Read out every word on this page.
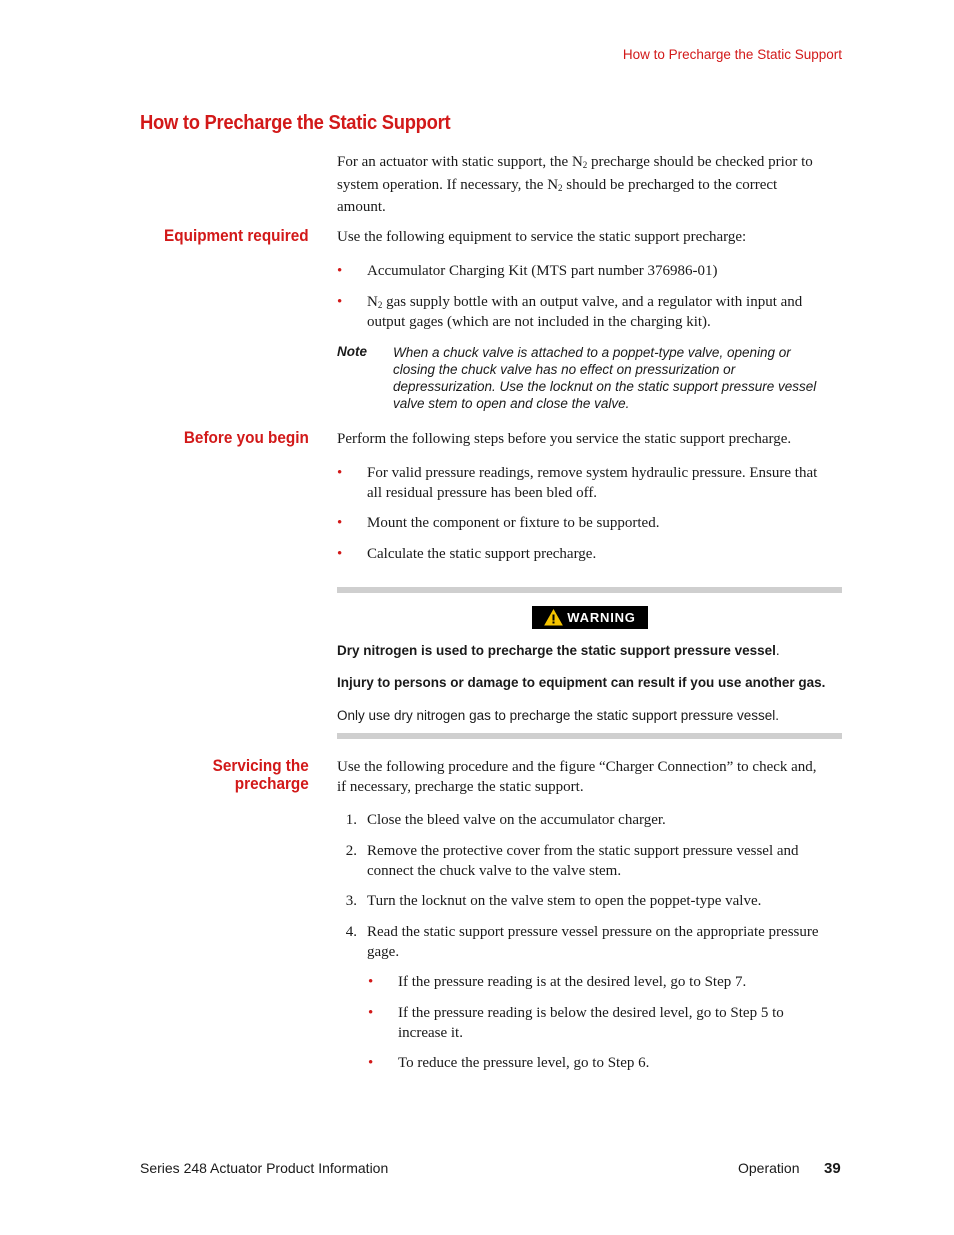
How to Precharge the Static Support
How to Precharge the Static Support
For an actuator with static support, the $N_2$ precharge should be checked prior to
system operation. If necessary, the $N_2$ should be precharged to the correct
amount.
Equipment required Use the following equipment to service the static support precharge:
• Accumulator Charging Kit (MTS part number 376986-01)
• $N_2$ gas supply bottle with an output valve, and a regulator with input and
output gages (which are not included in the charging kit).
Note When a chuck valve is attached to a poppet-type valve, opening or
closing the chuck valve has no effect on pressurization or
depressurization. Use the locknut on the static support pressure vessel
valve stem to open and close the valve.
Before you begin Perform the following steps before you service the static support precharge.
• For valid pressure readings, remove system hydraulic pressure. Ensure that
all residual pressure has been bled off.
• Mount the component or fixture to be supported.
• Calculate the static support precharge.
WARNING
Dry nitrogen is used to precharge the static support pressure vessel.
Injury to persons or damage to equipment can result if you use another gas.
Only use dry nitrogen gas to precharge the static support pressure vessel.
Servicing the
precharge
Use the following procedure and the figure “Charger Connection” to check and,
if necessary, precharge the static support.
1. Close the bleed valve on the accumulator charger.
2. Remove the protective cover from the static support pressure vessel and
connect the chuck valve to the valve stem.
3. Turn the locknut on the valve stem to open the poppet-type valve.
4. Read the static support pressure vessel pressure on the appropriate pressure
gage.
• If the pressure reading is at the desired level, go to Step 7.
• If the pressure reading is below the desired level, go to Step 5 to
increase it.
• To reduce the pressure level, go to Step 6.
Series 248 Actuator Product Information	Operation 39
